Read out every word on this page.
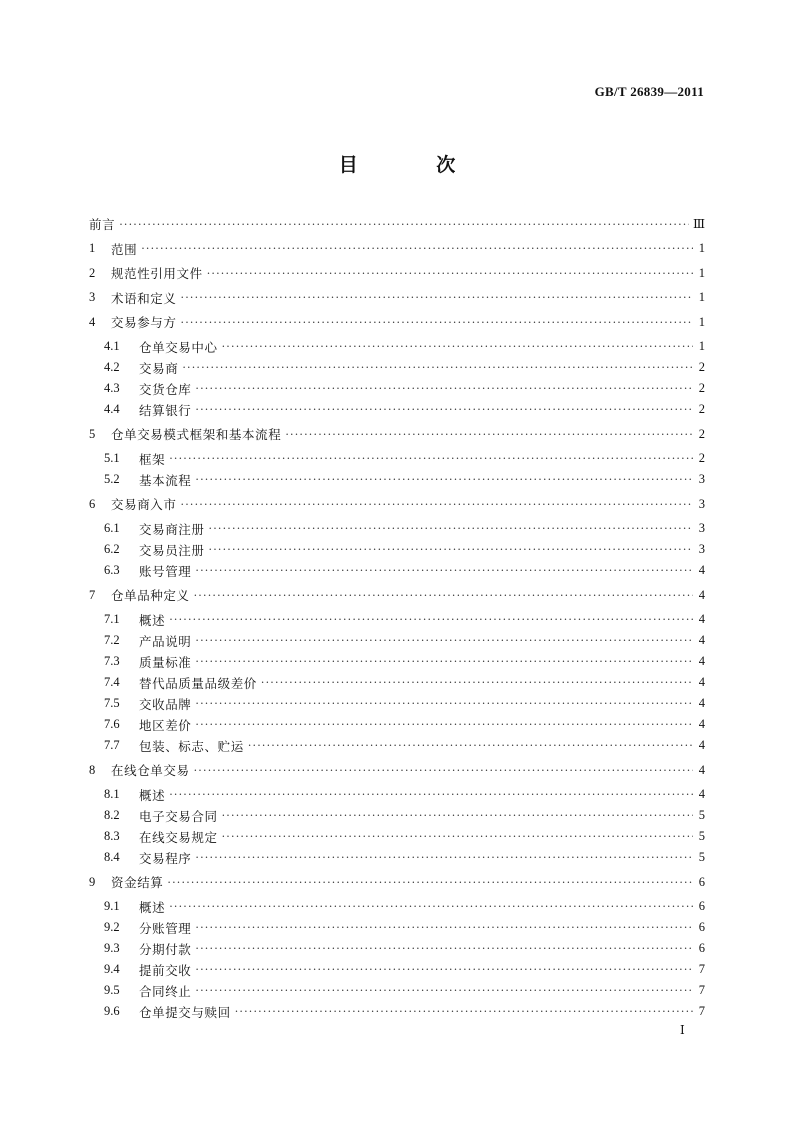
GB/T 26839—2011
目 次
前言 ·····	Ⅲ
1	范围 ·····	1
2	规范性引用文件 ·····	1
3	术语和定义 ·····	1
4	交易参与方 ·····	1
4.1	仓单交易中心 ·····	1
4.2	交易商 ·····	2
4.3	交货仓库 ·····	2
4.4	结算银行 ·····	2
5	仓单交易模式框架和基本流程 ·····	2
5.1	框架 ·····	2
5.2	基本流程 ·····	3
6	交易商入市 ·····	3
6.1	交易商注册 ·····	3
6.2	交易员注册 ·····	3
6.3	账号管理 ·····	4
7	仓单品种定义 ·····	4
7.1	概述 ·····	4
7.2	产品说明 ·····	4
7.3	质量标准 ·····	4
7.4	替代品质量品级差价 ·····	4
7.5	交收品牌 ·····	4
7.6	地区差价 ·····	4
7.7	包装、标志、贮运 ·····	4
8	在线仓单交易 ·····	4
8.1	概述 ·····	4
8.2	电子交易合同 ·····	5
8.3	在线交易规定 ·····	5
8.4	交易程序 ·····	5
9	资金结算 ·····	6
9.1	概述 ·····	6
9.2	分账管理 ·····	6
9.3	分期付款 ·····	6
9.4	提前交收 ·····	7
9.5	合同终止 ·····	7
9.6	仓单提交与赎回 ·····	7
Ⅰ
